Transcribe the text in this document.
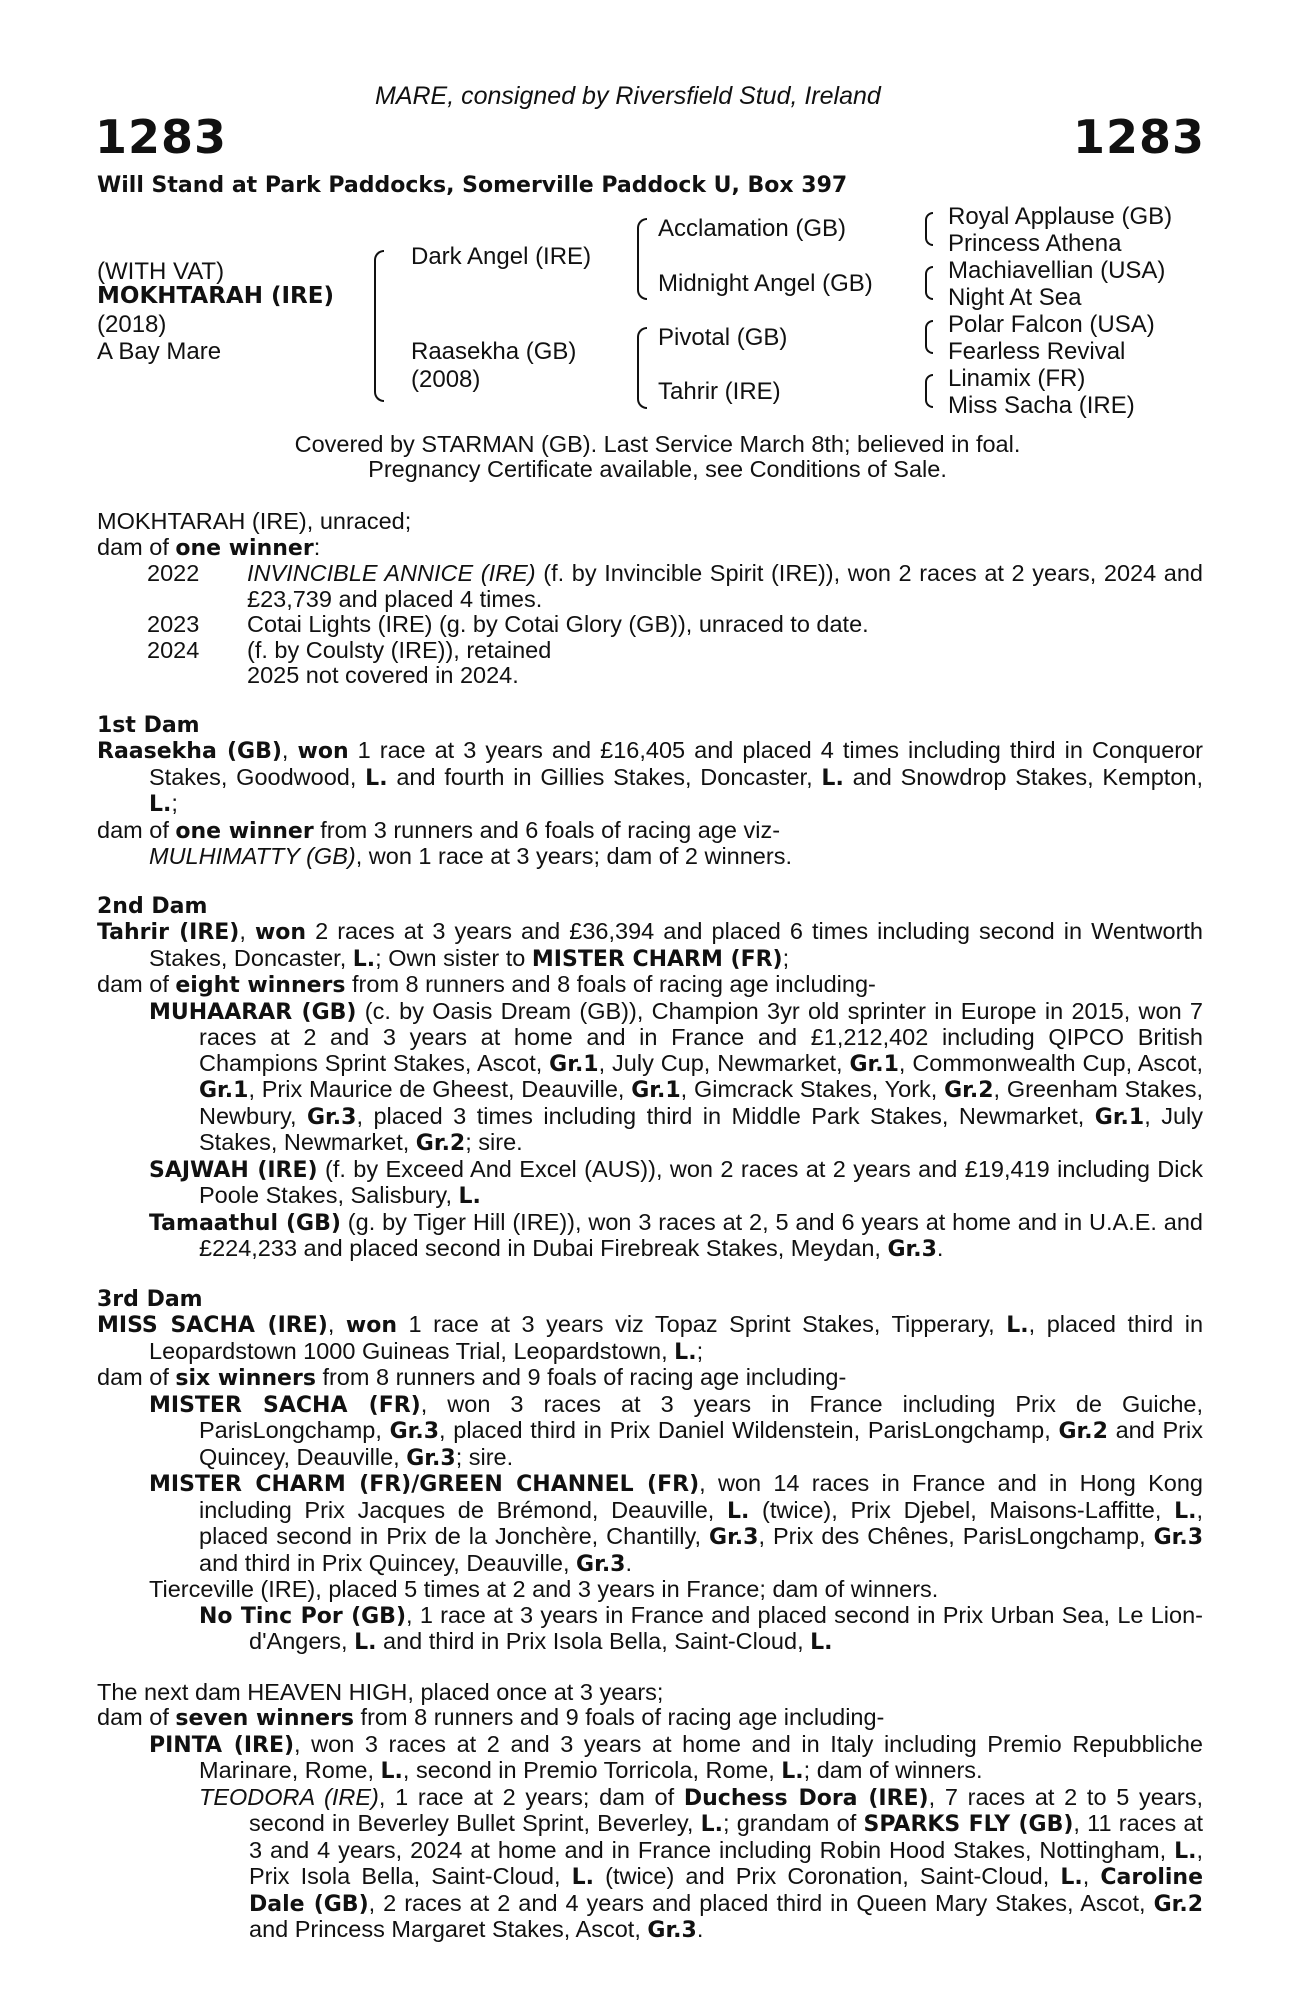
MARE, consigned by Riversfield Stud, Ireland
1283	1283
Will Stand at Park Paddocks, Somerville Paddock U, Box 397
(WITH VAT)
MOKHTARAH (IRE)
(2018)
A Bay Mare
Dark Angel (IRE)
Raasekha (GB)
(2008)
Acclamation (GB)
Midnight Angel (GB)
Pivotal (GB)
Tahrir (IRE)
Royal Applause (GB)
Princess Athena
Machiavellian (USA)
Night At Sea
Polar Falcon (USA)
Fearless Revival
Linamix (FR)
Miss Sacha (IRE)
Covered by STARMAN (GB). Last Service March 8th; believed in foal.
Pregnancy Certificate available, see Conditions of Sale.

MOKHTARAH (IRE), unraced;

dam of one winner:

2022 INVINCIBLE ANNICE (IRE) (f. by Invincible Spirit (IRE)), won 2 races at 2 years, 2024 and £23,739 and placed 4 times.

2023 Cotai Lights (IRE) (g. by Cotai Glory (GB)), unraced to date.

2024 (f. by Coulsty (IRE)), retained

2025 not covered in 2024.

1st Dam

Raasekha (GB), won 1 race at 3 years and £16,405 and placed 4 times including third in Conqueror Stakes, Goodwood, L. and fourth in Gillies Stakes, Doncaster, L. and Snowdrop Stakes, Kempton, L.;

dam of one winner from 3 runners and 6 foals of racing age viz-

MULHIMATTY (GB), won 1 race at 3 years; dam of 2 winners.

2nd Dam

Tahrir (IRE), won 2 races at 3 years and £36,394 and placed 6 times including second in Wentworth Stakes, Doncaster, L.; Own sister to MISTER CHARM (FR);

dam of eight winners from 8 runners and 8 foals of racing age including-

MUHAARAR (GB) (c. by Oasis Dream (GB)), Champion 3yr old sprinter in Europe in 2015, won 7 races at 2 and 3 years at home and in France and £1,212,402 including QIPCO British Champions Sprint Stakes, Ascot, Gr.1, July Cup, Newmarket, Gr.1, Commonwealth Cup, Ascot, Gr.1, Prix Maurice de Gheest, Deauville, Gr.1, Gimcrack Stakes, York, Gr.2, Greenham Stakes, Newbury, Gr.3, placed 3 times including third in Middle Park Stakes, Newmarket, Gr.1, July Stakes, Newmarket, Gr.2; sire.

SAJWAH (IRE) (f. by Exceed And Excel (AUS)), won 2 races at 2 years and £19,419 including Dick Poole Stakes, Salisbury, L.

Tamaathul (GB) (g. by Tiger Hill (IRE)), won 3 races at 2, 5 and 6 years at home and in U.A.E. and £224,233 and placed second in Dubai Firebreak Stakes, Meydan, Gr.3.

3rd Dam

MISS SACHA (IRE), won 1 race at 3 years viz Topaz Sprint Stakes, Tipperary, L., placed third in Leopardstown 1000 Guineas Trial, Leopardstown, L.;

dam of six winners from 8 runners and 9 foals of racing age including-

MISTER SACHA (FR), won 3 races at 3 years in France including Prix de Guiche, ParisLongchamp, Gr.3, placed third in Prix Daniel Wildenstein, ParisLongchamp, Gr.2 and Prix Quincey, Deauville, Gr.3; sire.

MISTER CHARM (FR)/GREEN CHANNEL (FR), won 14 races in France and in Hong Kong including Prix Jacques de Brémond, Deauville, L. (twice), Prix Djebel, Maisons-Laffitte, L., placed second in Prix de la Jonchère, Chantilly, Gr.3, Prix des Chênes, ParisLongchamp, Gr.3 and third in Prix Quincey, Deauville, Gr.3.

Tierceville (IRE), placed 5 times at 2 and 3 years in France; dam of winners.

No Tinc Por (GB), 1 race at 3 years in France and placed second in Prix Urban Sea, Le Lion-d'Angers, L. and third in Prix Isola Bella, Saint-Cloud, L.

The next dam HEAVEN HIGH, placed once at 3 years;

dam of seven winners from 8 runners and 9 foals of racing age including-

PINTA (IRE), won 3 races at 2 and 3 years at home and in Italy including Premio Repubbliche Marinare, Rome, L., second in Premio Torricola, Rome, L.; dam of winners.

TEODORA (IRE), 1 race at 2 years; dam of Duchess Dora (IRE), 7 races at 2 to 5 years, second in Beverley Bullet Sprint, Beverley, L.; grandam of SPARKS FLY (GB), 11 races at 3 and 4 years, 2024 at home and in France including Robin Hood Stakes, Nottingham, L., Prix Isola Bella, Saint-Cloud, L. (twice) and Prix Coronation, Saint-Cloud, L., Caroline Dale (GB), 2 races at 2 and 4 years and placed third in Queen Mary Stakes, Ascot, Gr.2 and Princess Margaret Stakes, Ascot, Gr.3.
